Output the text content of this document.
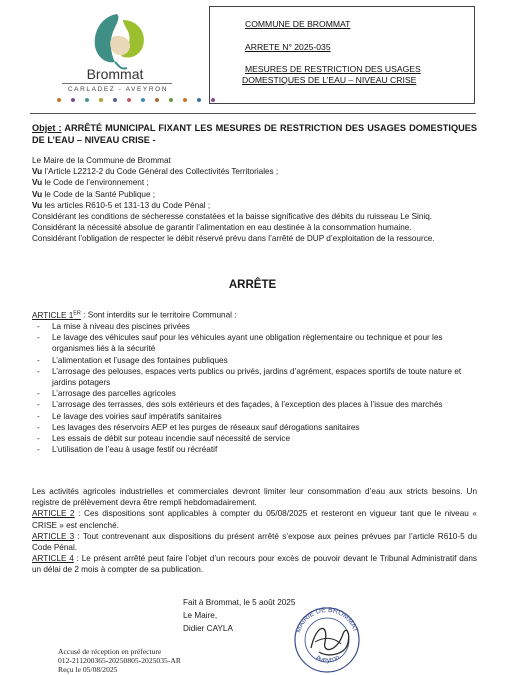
Brommat
CARLADEZ - AVEYRON
COMMUNE DE BROMMAT
ARRETE N° 2025-035
MESURES DE RESTRICTION DES USAGES
DOMESTIQUES DE L’EAU – NIVEAU CRISE
Objet : ARRÊTÉ MUNICIPAL FIXANT LES MESURES DE RESTRICTION DES USAGES DOMESTIQUES DE L’EAU – NIVEAU CRISE -

Le Maire de la Commune de Brommat

Vu l’Article L2212-2 du Code Général des Collectivités Territoriales ;

Vu le Code de l’environnement ;

Vu le Code de la Santé Publique ;

Vu les articles R610-5 et 131-13 du Code Pénal ;

Considérant les conditions de sécheresse constatées et la baisse significative des débits du ruisseau Le Siniq.

Considérant la nécessité absolue de garantir l’alimentation en eau destinée à la consommation humaine.

Considérant l’obligation de respecter le débit réservé prévu dans l’arrêté de DUP d’exploitation de la ressource.

ARRÊTE

ARTICLE 1ER : Sont interdits sur le territoire Communal :

- La mise à niveau des piscines privées
- Le lavage des véhicules sauf pour les véhicules ayant une obligation règlementaire ou technique et pour les organismes liés à la sécurité
- L’alimentation et l’usage des fontaines publiques
- L’arrosage des pelouses, espaces verts publics ou privés, jardins d’agrément, espaces sportifs de toute nature et jardins potagers
- L’arrosage des parcelles agricoles
- L’arrosage des terrasses, des sols extérieurs et des façades, à l’exception des places à l’issue des marchés
- Le lavage des voiries sauf impératifs sanitaires
- Les lavages des réservoirs AEP et les purges de réseaux sauf dérogations sanitaires
- Les essais de débit sur poteau incendie sauf nécessité de service
- L’utilisation de l’eau à usage festif ou récréatif

Les activités agricoles industrielles et commerciales devront limiter leur consommation d’eau aux stricts besoins. Un registre de prélèvement devra être rempli hebdomadairement.

ARTICLE 2 : Ces dispositions sont applicables à compter du 05/08/2025 et resteront en vigueur tant que le niveau « CRISE » est enclenché.

ARTICLE 3 : Tout contrevenant aux dispositions du présent arrêté s’expose aux peines prévues par l’article R610-5 du Code Pénal.

ARTICLE 4 : Le présent arrêté peut faire l’objet d’un recours pour excès de pouvoir devant le Tribunal Administratif dans un délai de 2 mois à compter de sa publication.

Fait à Brommat, le 5 août 2025
Le Maire,
Didier CAYLA	MAIRIE DE BROMMAT
Aveyron
Accusé de réception en préfecture
012-211200365-20250805-2025035-AR
Reçu le 05/08/2025
